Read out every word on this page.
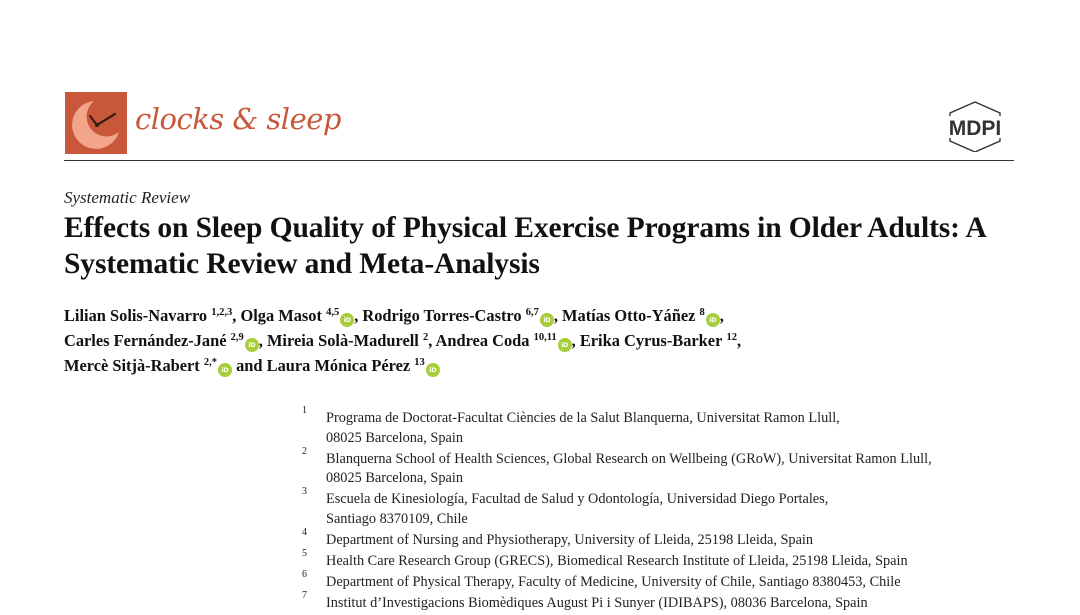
clocks & sleep	MDPI
Systematic Review
Effects on Sleep Quality of Physical Exercise Programs in Older Adults: A Systematic Review and Meta-Analysis
Lilian Solis-Navarro $^{1,2,3}$, Olga Masot $^{4,5}$iD , Rodrigo Torres-Castro $^{6,7}$iD , Matías Otto-Yáñez $^8$iD ,
Carles Fernández-Jané $^{2,9}$iD , Mireia Solà-Madurell $^2$, Andrea Coda $^{10,11}$iD , Erika Cyrus-Barker $^{12}$,
Mercè Sitjà-Rabert $^{2,*}$iD and Laura Mónica Pérez $^{13}$iD
1 Programa de Doctorat-Facultat Ciències de la Salut Blanquerna, Universitat Ramon Llull,
08025 Barcelona, Spain
2 Blanquerna School of Health Sciences, Global Research on Wellbeing (GRoW), Universitat Ramon Llull,
08025 Barcelona, Spain
3 Escuela de Kinesiología, Facultad de Salud y Odontología, Universidad Diego Portales,
Santiago 8370109, Chile
4 Department of Nursing and Physiotherapy, University of Lleida, 25198 Lleida, Spain
5 Health Care Research Group (GRECS), Biomedical Research Institute of Lleida, 25198 Lleida, Spain
6 Department of Physical Therapy, Faculty of Medicine, University of Chile, Santiago 8380453, Chile
7 Institut d’Investigacions Biomèdiques August Pi i Sunyer (IDIBAPS), 08036 Barcelona, Spain
